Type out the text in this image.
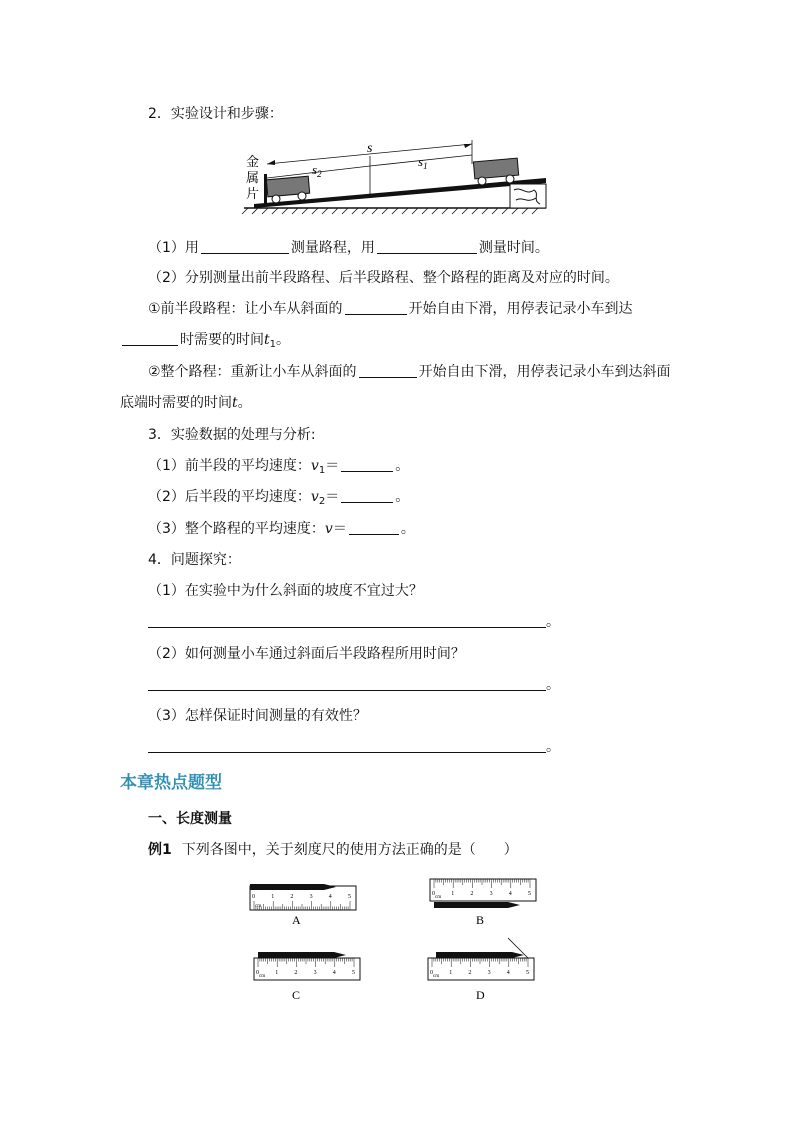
2．实验设计和步骤：
s
$s_1$
$s_2$
金
属
片
（1）用	测量路程，用	测量时间。
（2）分别测量出前半段路程、后半段路程、整个路程的距离及对应的时间。
①前半段路程：让小车从斜面的	开始自由下滑，用停表记录小车到达
时需要的时间$t_1$。
②整个路程：重新让小车从斜面的	开始自由下滑，用停表记录小车到达斜面
底端时需要的时间t。
3．实验数据的处理与分析:
（1）前半段的平均速度：$v_1=$	。
（2）后半段的平均速度：$v_2=$	。
（3）整个路程的平均速度：v＝	。
4．问题探究：
（1）在实验中为什么斜面的坡度不宜过大？
。
（2）如何测量小车通过斜面后半段路程所用时间？
。
（3）怎样保证时间测量的有效性？
。
本章热点题型
一、长度测量
例1 下列各图中，关于刻度尺的使用方法正确的是（　　）
0	1	2	3	4	5
cm
A
0	1	2	3	4	5
cm
B
0	1	2	3	4	5
cm
C
0	1	2	3	4	5
cm
D
